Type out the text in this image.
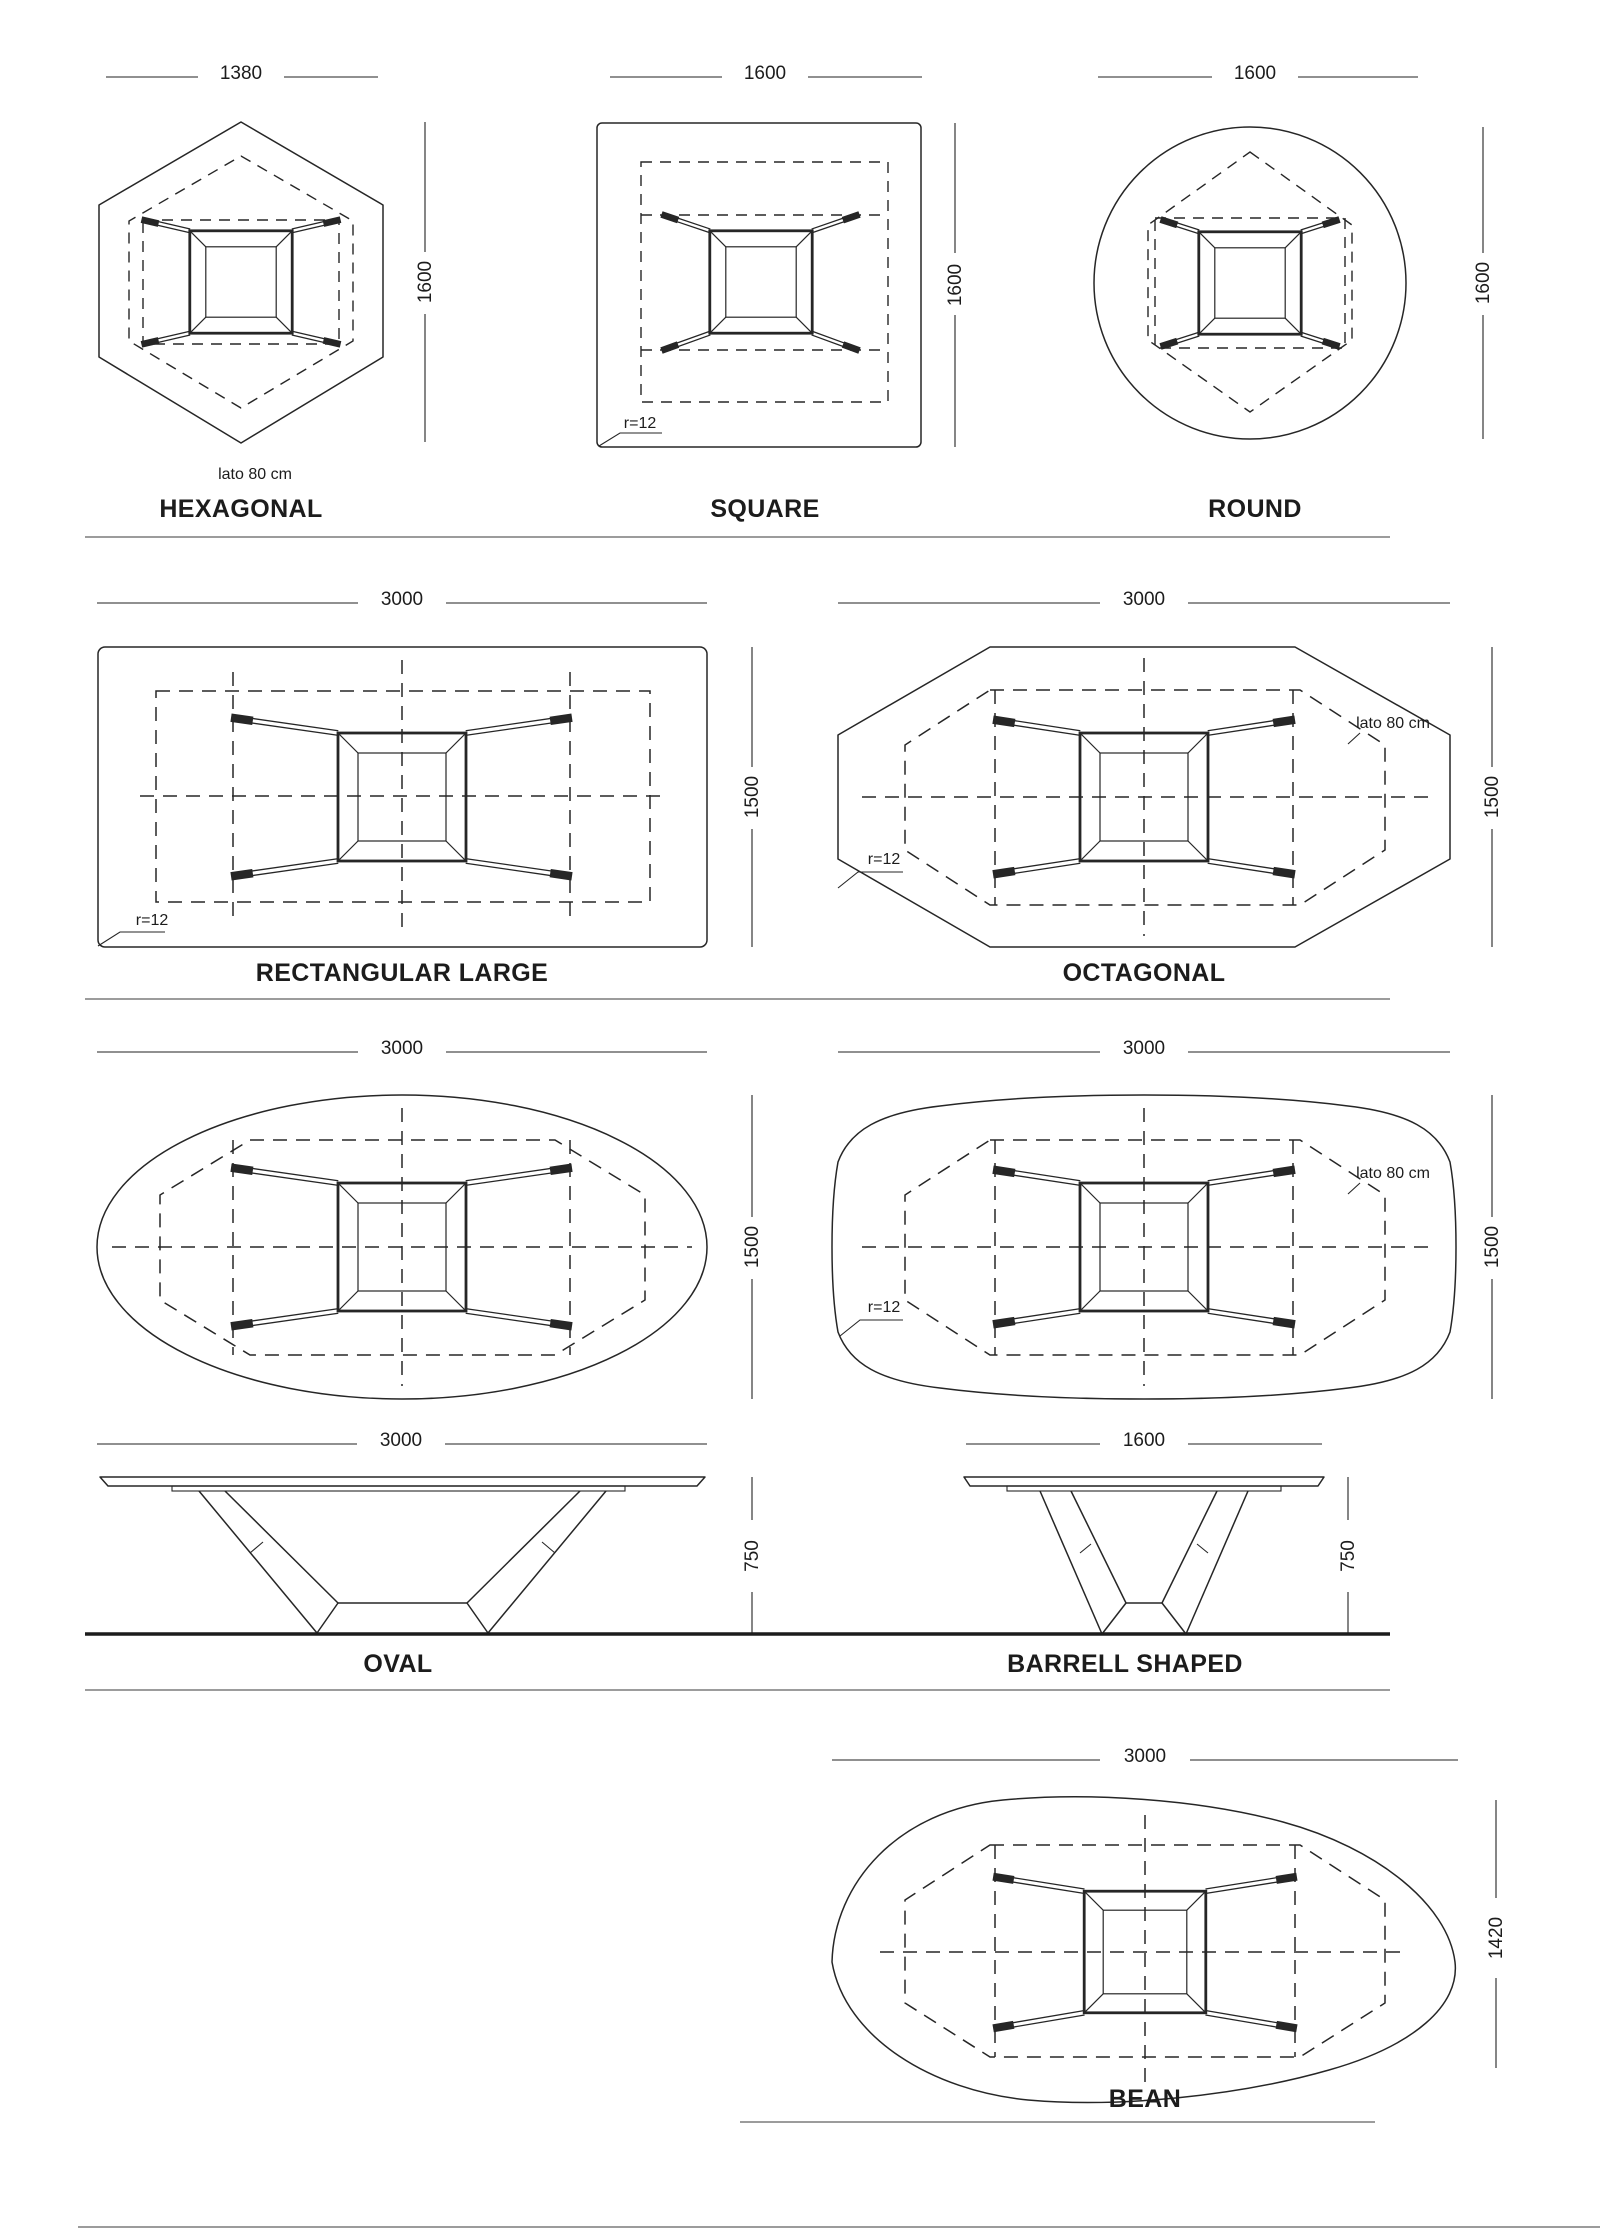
1380
1600
lato 80 cm
HEXAGONAL
1600
1600
r=12
SQUARE
1600
1600
ROUND
3000
1500
r=12
RECTANGULAR LARGE
3000
1500
lato 80 cm
r=12
OCTAGONAL
3000
1500
3000
1500
lato 80 cm
r=12
3000
750
OVAL
1600
750
BARRELL SHAPED
3000
1420
BEAN
